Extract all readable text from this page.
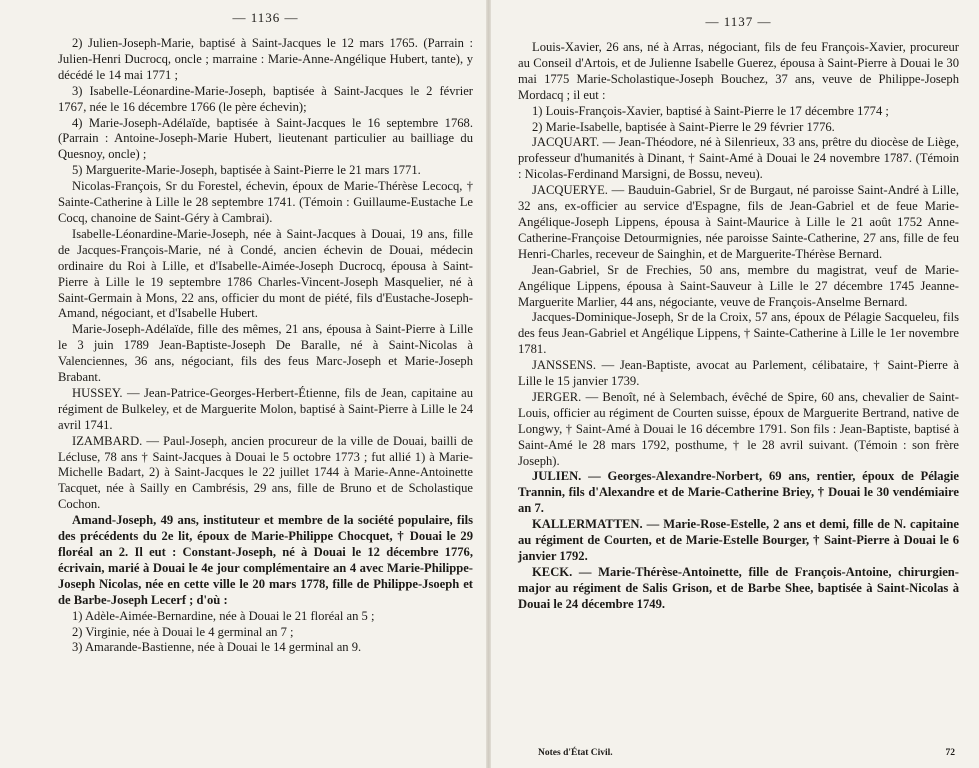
— 1136 —

2) Julien-Joseph-Marie, baptisé à Saint-Jacques le 12 mars 1765. (Parrain : Julien-Henri Ducrocq, oncle ; marraine : Marie-Anne-Angélique Hubert, tante), y décédé le 14 mai 1771 ;

3) Isabelle-Léonardine-Marie-Joseph, baptisée à Saint-Jacques le 2 février 1767, née le 16 décembre 1766 (le père échevin);

4) Marie-Joseph-Adélaïde, baptisée à Saint-Jacques le 16 septembre 1768. (Parrain : Antoine-Joseph-Marie Hubert, lieutenant particulier au bailliage du Quesnoy, oncle) ;

5) Marguerite-Marie-Joseph, baptisée à Saint-Pierre le 21 mars 1771.

Nicolas-François, Sr du Forestel, échevin, époux de Marie-Thérèse Lecocq, † Sainte-Catherine à Lille le 28 septembre 1741. (Témoin : Guillaume-Eustache Le Cocq, chanoine de Saint-Géry à Cambrai).

Isabelle-Léonardine-Marie-Joseph, née à Saint-Jacques à Douai, 19 ans, fille de Jacques-François-Marie, né à Condé, ancien échevin de Douai, médecin ordinaire du Roi à Lille, et d'Isabelle-Aimée-Joseph Ducrocq, épousa à Saint-Pierre à Lille le 19 septembre 1786 Charles-Vincent-Joseph Masquelier, né à Saint-Germain à Mons, 22 ans, officier du mont de piété, fils d'Eustache-Joseph-Amand, négociant, et d'Isabelle Hubert.

Marie-Joseph-Adélaïde, fille des mêmes, 21 ans, épousa à Saint-Pierre à Lille le 3 juin 1789 Jean-Baptiste-Joseph De Baralle, né à Saint-Nicolas à Valenciennes, 36 ans, négociant, fils des feus Marc-Joseph et Marie-Joseph Brabant.

HUSSEY. — Jean-Patrice-Georges-Herbert-Étienne, fils de Jean, capitaine au régiment de Bulkeley, et de Marguerite Molon, baptisé à Saint-Pierre à Lille le 24 avril 1741.

IZAMBARD. — Paul-Joseph, ancien procureur de la ville de Douai, bailli de Lécluse, 78 ans † Saint-Jacques à Douai le 5 octobre 1773 ; fut allié 1) à Marie-Michelle Badart, 2) à Saint-Jacques le 22 juillet 1744 à Marie-Anne-Antoinette Tacquet, née à Sailly en Cambrésis, 29 ans, fille de Bruno et de Scholastique Cochon.

Amand-Joseph, 49 ans, instituteur et membre de la société populaire, fils des précédents du 2e lit, époux de Marie-Philippe Chocquet, † Douai le 29 floréal an 2. Il eut : Constant-Joseph, né à Douai le 12 décembre 1776, écrivain, marié à Douai le 4e jour complémentaire an 4 avec Marie-Philippe-Joseph Nicolas, née en cette ville le 20 mars 1778, fille de Philippe-Jsoeph et de Barbe-Joseph Lecerf ; d'où :

1) Adèle-Aimée-Bernardine, née à Douai le 21 floréal an 5 ;

2) Virginie, née à Douai le 4 germinal an 7 ;

3) Amarande-Bastienne, née à Douai le 14 germinal an 9.

— 1137 —

Louis-Xavier, 26 ans, né à Arras, négociant, fils de feu François-Xavier, procureur au Conseil d'Artois, et de Julienne Isabelle Guerez, épousa à Saint-Pierre à Douai le 30 mai 1775 Marie-Scholastique-Joseph Bouchez, 37 ans, veuve de Philippe-Joseph Mordacq ; il eut :

1) Louis-François-Xavier, baptisé à Saint-Pierre le 17 décembre 1774 ;

2) Marie-Isabelle, baptisée à Saint-Pierre le 29 février 1776.

JACQUART. — Jean-Théodore, né à Silenrieux, 33 ans, prêtre du diocèse de Liège, professeur d'humanités à Dinant, † Saint-Amé à Douai le 24 novembre 1787. (Témoin : Nicolas-Ferdinand Marsigni, de Bossu, neveu).

JACQUERYE. — Bauduin-Gabriel, Sr de Burgaut, né paroisse Saint-André à Lille, 32 ans, ex-officier au service d'Espagne, fils de Jean-Gabriel et de feue Marie-Angélique-Joseph Lippens, épousa à Saint-Maurice à Lille le 21 août 1752 Anne-Catherine-Françoise Detourmignies, née paroisse Sainte-Catherine, 27 ans, fille de feu Henri-Charles, receveur de Sainghin, et de Marguerite-Thérèse Bernard.

Jean-Gabriel, Sr de Frechies, 50 ans, membre du magistrat, veuf de Marie-Angélique Lippens, épousa à Saint-Sauveur à Lille le 27 décembre 1745 Jeanne-Marguerite Marlier, 44 ans, négociante, veuve de François-Anselme Bernard.

Jacques-Dominique-Joseph, Sr de la Croix, 57 ans, époux de Pélagie Sacqueleu, fils des feus Jean-Gabriel et Angélique Lippens, † Sainte-Catherine à Lille le 1er novembre 1781.

JANSSENS. — Jean-Baptiste, avocat au Parlement, célibataire, † Saint-Pierre à Lille le 15 janvier 1739.

JERGER. — Benoît, né à Selembach, évêché de Spire, 60 ans, chevalier de Saint-Louis, officier au régiment de Courten suisse, époux de Marguerite Bertrand, native de Longwy, † Saint-Amé à Douai le 16 décembre 1791. Son fils : Jean-Baptiste, baptisé à Saint-Amé le 28 mars 1792, posthume, † le 28 avril suivant. (Témoin : son frère Joseph).

JULIEN. — Georges-Alexandre-Norbert, 69 ans, rentier, époux de Pélagie Trannin, fils d'Alexandre et de Marie-Catherine Briey, † Douai le 30 vendémiaire an 7.

KALLERMATTEN. — Marie-Rose-Estelle, 2 ans et demi, fille de N. capitaine au régiment de Courten, et de Marie-Estelle Bourger, † Saint-Pierre à Douai le 6 janvier 1792.

KECK. — Marie-Thérèse-Antoinette, fille de François-Antoine, chirurgien-major au régiment de Salis Grison, et de Barbe Shee, baptisée à Saint-Nicolas à Douai le 24 décembre 1749.

Notes d'État Civil.	72
